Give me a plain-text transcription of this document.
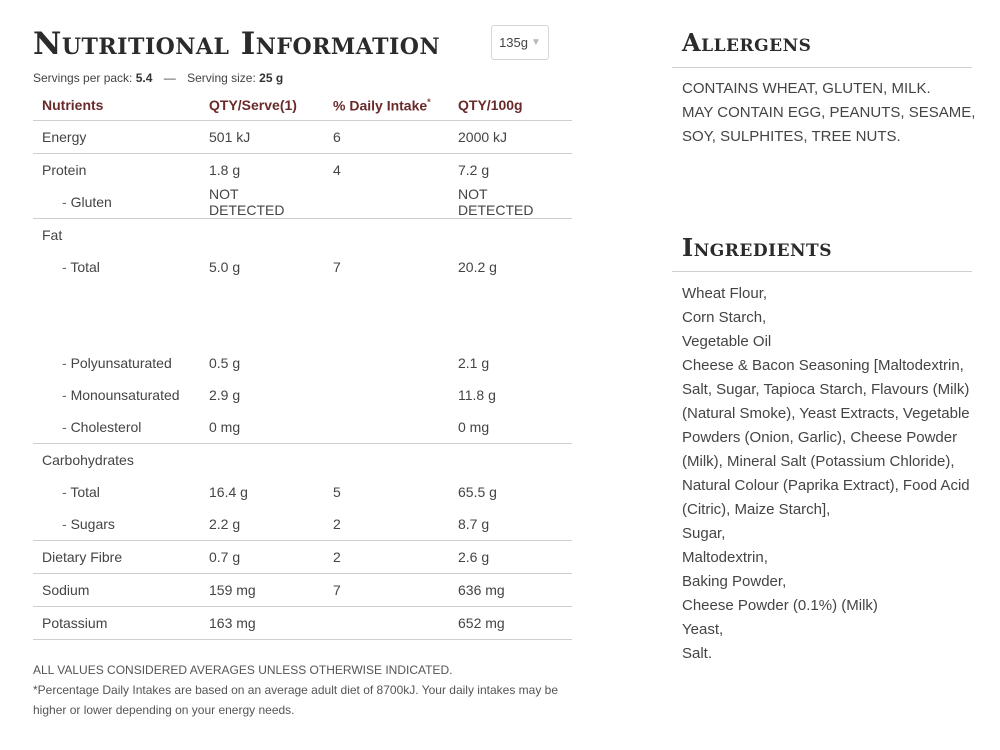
Nutritional Information	135g ▼
Servings per pack: 5.4 — Serving size: 25 g
Nutrients	QTY/Serve(1)	% Daily Intake*	QTY/100g
Energy	501 kJ	6	2000 kJ
Protein	1.8 g	4	7.2 g
- Gluten	NOT DETECTED		NOT DETECTED
Fat			
- Total	5.0 g	7	20.2 g

- Polyunsaturated	0.5 g		2.1 g
- Monounsaturated	2.9 g		11.8 g
- Cholesterol	0 mg		0 mg
Carbohydrates			
- Total	16.4 g	5	65.5 g
- Sugars	2.2 g	2	8.7 g
Dietary Fibre	0.7 g	2	2.6 g
Sodium	159 mg	7	636 mg
Potassium	163 mg		652 mg
ALL VALUES CONSIDERED AVERAGES UNLESS OTHERWISE INDICATED.
*Percentage Daily Intakes are based on an average adult diet of 8700kJ. Your daily intakes may be higher or lower depending on your energy needs.
Allergens
CONTAINS WHEAT, GLUTEN, MILK.
MAY CONTAIN EGG, PEANUTS, SESAME, SOY, SULPHITES, TREE NUTS.
Ingredients
Wheat Flour,
Corn Starch,
Vegetable Oil
Cheese & Bacon Seasoning [Maltodextrin, Salt, Sugar, Tapioca Starch, Flavours (Milk) (Natural Smoke), Yeast Extracts, Vegetable Powders (Onion, Garlic), Cheese Powder (Milk), Mineral Salt (Potassium Chloride), Natural Colour (Paprika Extract), Food Acid (Citric), Maize Starch],
Sugar,
Maltodextrin,
Baking Powder,
Cheese Powder (0.1%) (Milk)
Yeast,
Salt.
